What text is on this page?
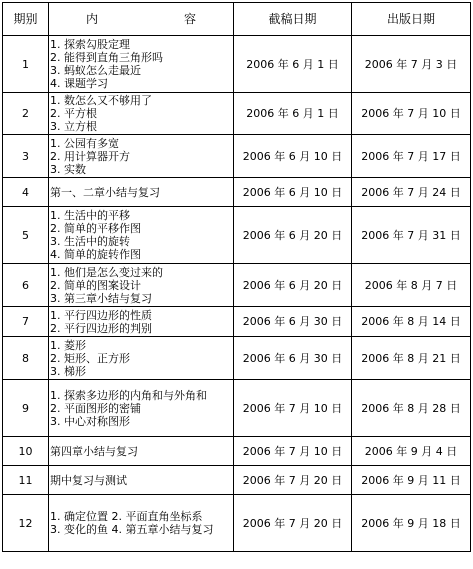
期别	内 容	截稿日期	出版日期
1	1. 探索勾股定理
2. 能得到直角三角形吗
3. 蚂蚁怎么走最近
4. 课题学习	2006 年 6 月 1 日	2006 年 7 月 3 日
2	1. 数怎么又不够用了
2. 平方根
3. 立方根	2006 年 6 月 1 日	2006 年 7 月 10 日
3	1. 公园有多宽
2. 用计算器开方
3. 实数	2006 年 6 月 10 日	2006 年 7 月 17 日
4	第一、二章小结与复习	2006 年 6 月 10 日	2006 年 7 月 24 日
5	1. 生活中的平移
2. 简单的平移作图
3. 生活中的旋转
4. 简单的旋转作图	2006 年 6 月 20 日	2006 年 7 月 31 日
6	1. 他们是怎么变过来的
2. 简单的图案设计
3. 第三章小结与复习	2006 年 6 月 20 日	2006 年 8 月 7 日
7	1. 平行四边形的性质
2. 平行四边形的判别	2006 年 6 月 30 日	2006 年 8 月 14 日
8	1. 菱形
2. 矩形、正方形
3. 梯形	2006 年 6 月 30 日	2006 年 8 月 21 日
9	1. 探索多边形的内角和与外角和
2. 平面图形的密铺
3. 中心对称图形	2006 年 7 月 10 日	2006 年 8 月 28 日
10	第四章小结与复习	2006 年 7 月 10 日	2006 年 9 月 4 日
11	期中复习与测试	2006 年 7 月 20 日	2006 年 9 月 11 日
12	1. 确定位置 2. 平面直角坐标系
3. 变化的鱼 4. 第五章小结与复习	2006 年 7 月 20 日	2006 年 9 月 18 日
